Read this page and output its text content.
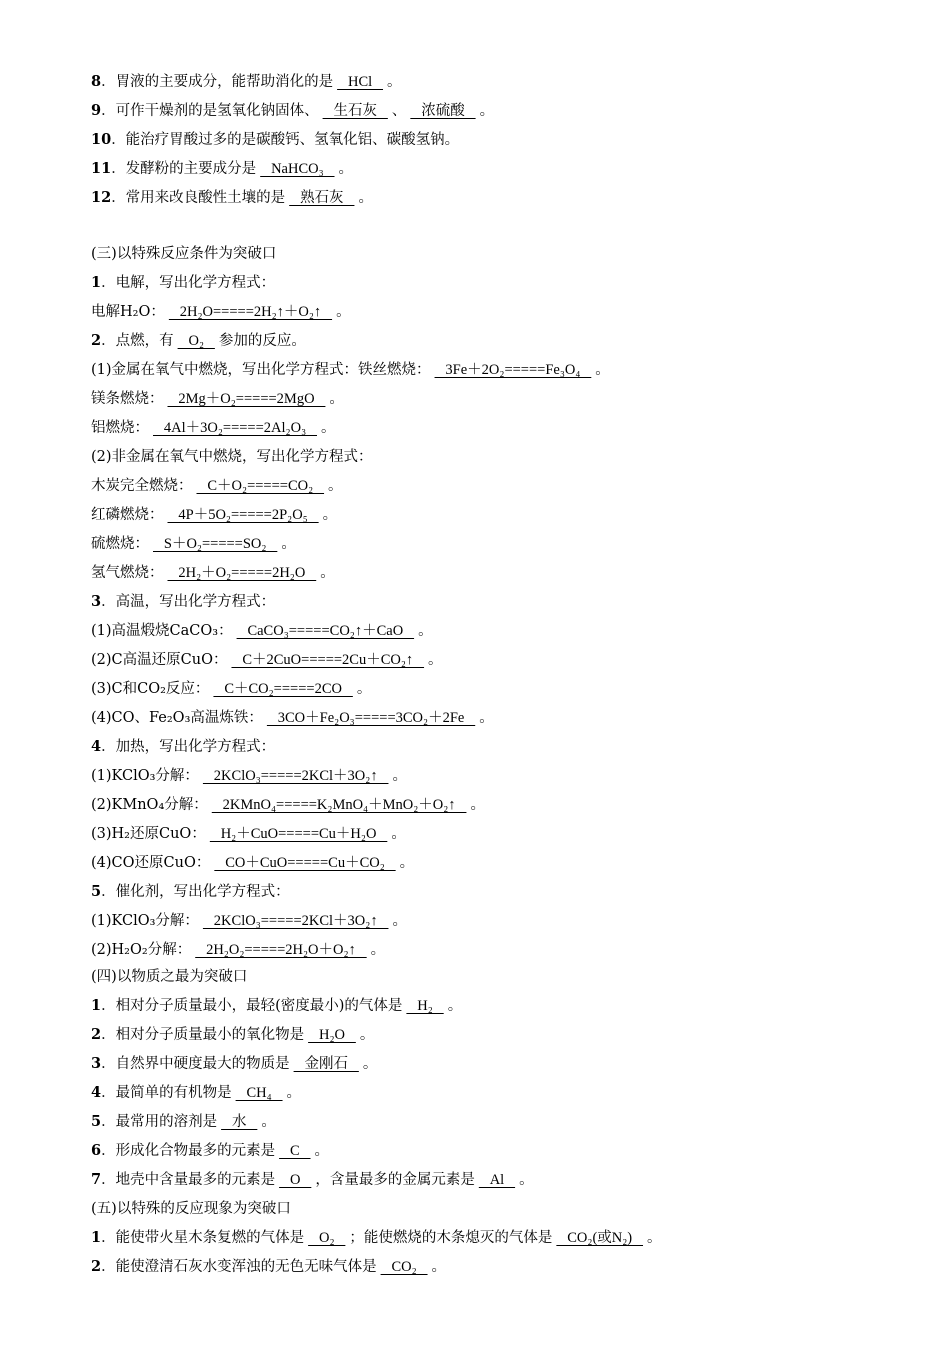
8．胃液的主要成分，能帮助消化的是   HCl   。
9．可作干燥剂的是氢氧化钠固体、   生石灰   、   浓硫酸   。
10．能治疗胃酸过多的是碳酸钙、氢氧化铝、碳酸氢钠。
11．发酵粉的主要成分是   NaHCO₃   。
12．常用来改良酸性土壤的是   熟石灰   。
(三)以特殊反应条件为突破口
1．电解，写出化学方程式：
电解H₂O：   2H₂O=====2H₂↑＋O₂↑   。
2．点燃，有   O₂   参加的反应。
(1)金属在氧气中燃烧，写出化学方程式：铁丝燃烧：   3Fe＋2O₂=====Fe₃O₄   。
镁条燃烧：   2Mg＋O₂=====2MgO   。
铝燃烧：   4Al＋3O₂=====2Al₂O₃   。
(2)非金属在氧气中燃烧，写出化学方程式：
木炭完全燃烧：   C＋O₂=====CO₂   。
红磷燃烧：   4P＋5O₂=====2P₂O₅   。
硫燃烧：   S＋O₂=====SO₂   。
氢气燃烧：   2H₂＋O₂=====2H₂O   。
3．高温，写出化学方程式：
(1)高温煅烧CaCO₃：   CaCO₃=====CO₂↑＋CaO   。
(2)C高温还原CuO：   C＋2CuO=====2Cu＋CO₂↑   。
(3)C和CO₂反应：   C＋CO₂=====2CO   。
(4)CO、Fe₂O₃高温炼铁：   3CO＋Fe₂O₃=====3CO₂＋2Fe   。
4．加热，写出化学方程式：
(1)KClO₃分解：   2KClO₃=====2KCl＋3O₂↑   。
(2)KMnO₄分解：   2KMnO₄=====K₂MnO₄＋MnO₂＋O₂↑   。
(3)H₂还原CuO：   H₂＋CuO=====Cu＋H₂O   。
(4)CO还原CuO：   CO＋CuO=====Cu＋CO₂   。
5．催化剂，写出化学方程式：
(1)KClO₃分解：   2KClO₃=====2KCl＋3O₂↑   。
(2)H₂O₂分解：   2H₂O₂=====2H₂O＋O₂↑   。
(四)以物质之最为突破口
1．相对分子质量最小，最轻(密度最小)的气体是   H₂   。
2．相对分子质量最小的氧化物是   H₂O   。
3．自然界中硬度最大的物质是   金刚石   。
4．最简单的有机物是   CH₄   。
5．最常用的溶剂是   水   。
6．形成化合物最多的元素是   C   。
7．地壳中含量最多的元素是   O   ，含量最多的金属元素是   Al   。
(五)以特殊的反应现象为突破口
1．能使带火星木条复燃的气体是   O₂   ；能使燃烧的木条熄灭的气体是   CO₂(或N₂)   。
2．能使澄清石灰水变浑浊的无色无味气体是   CO₂   。
